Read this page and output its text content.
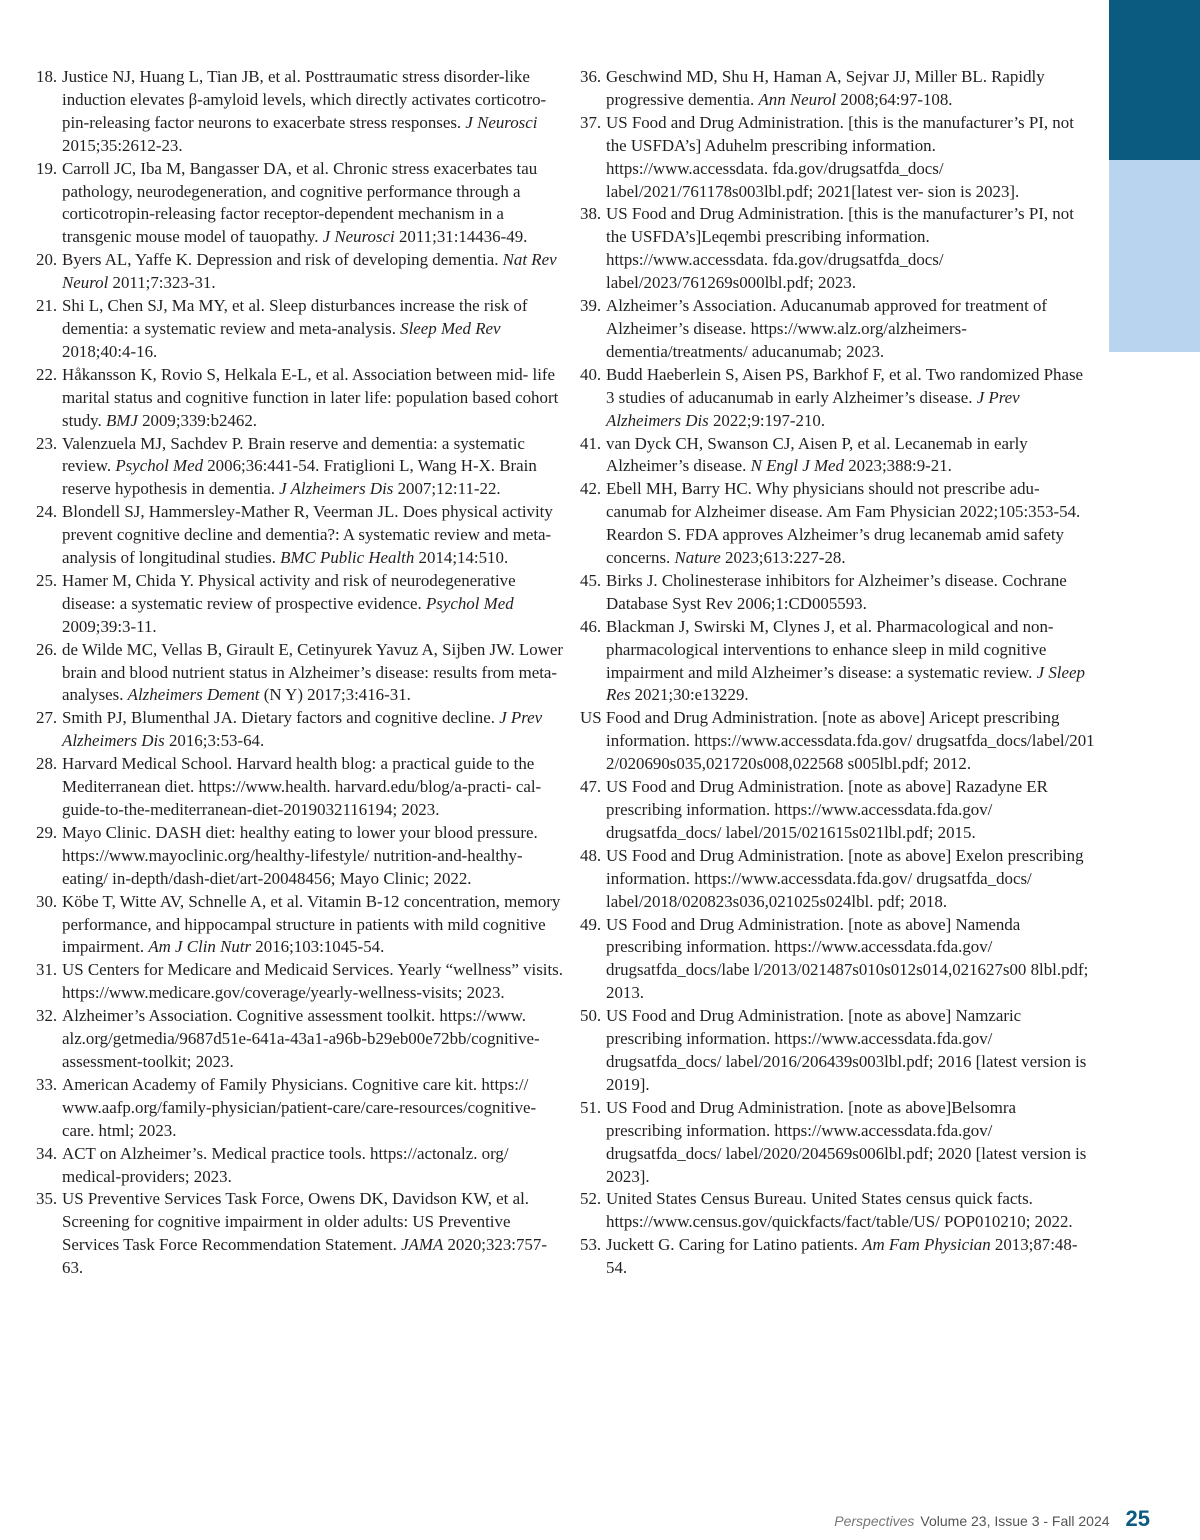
18. Justice NJ, Huang L, Tian JB, et al. Posttraumatic stress disorder-like induction elevates β-amyloid levels, which directly activates corticotro- pin-releasing factor neurons to exacerbate stress responses. J Neurosci 2015;35:2612-23.

19. Carroll JC, Iba M, Bangasser DA, et al. Chronic stress exacerbates tau pathology, neurodegeneration, and cognitive performance through a corticotropin-releasing factor receptor-dependent mechanism in a transgenic mouse model of tauopathy. J Neurosci 2011;31:14436-49.

20. Byers AL, Yaffe K. Depression and risk of developing dementia. Nat Rev Neurol 2011;7:323-31.

21. Shi L, Chen SJ, Ma MY, et al. Sleep disturbances increase the risk of dementia: a systematic review and meta-analysis. Sleep Med Rev 2018;40:4-16.

22. Håkansson K, Rovio S, Helkala E-L, et al. Association between mid- life marital status and cognitive function in later life: population based cohort study. BMJ 2009;339:b2462.

23. Valenzuela MJ, Sachdev P. Brain reserve and dementia: a systematic review. Psychol Med 2006;36:441-54. Fratiglioni L, Wang H-X. Brain reserve hypothesis in dementia. J Alzheimers Dis 2007;12:11-22.

24. Blondell SJ, Hammersley-Mather R, Veerman JL. Does physical activity prevent cognitive decline and dementia?: A systematic review and meta-analysis of longitudinal studies. BMC Public Health 2014;14:510.

25. Hamer M, Chida Y. Physical activity and risk of neurodegenerative disease: a systematic review of prospective evidence. Psychol Med 2009;39:3-11.

26. de Wilde MC, Vellas B, Girault E, Cetinyurek Yavuz A, Sijben JW. Lower brain and blood nutrient status in Alzheimer’s disease: results from meta-analyses. Alzheimers Dement (N Y) 2017;3:416-31.

27. Smith PJ, Blumenthal JA. Dietary factors and cognitive decline. J Prev Alzheimers Dis 2016;3:53-64.

28. Harvard Medical School. Harvard health blog: a practical guide to the Mediterranean diet. https://www.health. harvard.edu/blog/a-practi- cal-guide-to-the-mediterranean-diet-2019032116194; 2023.

29. Mayo Clinic. DASH diet: healthy eating to lower your blood pressure. https://www.mayoclinic.org/healthy-lifestyle/ nutrition-and-healthy-eating/ in-depth/dash-diet/art-20048456; Mayo Clinic; 2022.

30. Köbe T, Witte AV, Schnelle A, et al. Vitamin B-12 concentration, memory performance, and hippocampal structure in patients with mild cognitive impairment. Am J Clin Nutr 2016;103:1045-54.

31. US Centers for Medicare and Medicaid Services. Yearly “wellness” visits. https://www.medicare.gov/coverage/yearly-wellness-visits; 2023.

32. Alzheimer’s Association. Cognitive assessment toolkit. https://www. alz.org/getmedia/9687d51e-641a-43a1-a96b-b29eb00e72bb/cognitive-assessment-toolkit; 2023.

33. American Academy of Family Physicians. Cognitive care kit. https:// www.aafp.org/family-physician/patient-care/care-resources/cognitive-care. html; 2023.

34. ACT on Alzheimer’s. Medical practice tools. https://actonalz. org/ medical-providers; 2023.

35. US Preventive Services Task Force, Owens DK, Davidson KW, et al. Screening for cognitive impairment in older adults: US Preventive Services Task Force Recommendation Statement. JAMA 2020;323:757-63.

36. Geschwind MD, Shu H, Haman A, Sejvar JJ, Miller BL. Rapidly progressive dementia. Ann Neurol 2008;64:97-108.

37. US Food and Drug Administration. [this is the manufacturer’s PI, not the USFDA’s] Aduhelm prescribing information. https://www.accessdata. fda.gov/drugsatfda_docs/ label/2021/761178s003lbl.pdf; 2021[latest ver- sion is 2023].

38. US Food and Drug Administration. [this is the manufacturer’s PI, not the USFDA’s]Leqembi prescribing information. https://www.accessdata. fda.gov/drugsatfda_docs/ label/2023/761269s000lbl.pdf; 2023.

39. Alzheimer’s Association. Aducanumab approved for treatment of Alzheimer’s disease. https://www.alz.org/alzheimers-dementia/treatments/ aducanumab; 2023.

40. Budd Haeberlein S, Aisen PS, Barkhof F, et al. Two randomized Phase 3 studies of aducanumab in early Alzheimer’s disease. J Prev Alzheimers Dis 2022;9:197-210.

41. van Dyck CH, Swanson CJ, Aisen P, et al. Lecanemab in early Alzheimer’s disease. N Engl J Med 2023;388:9-21.

42. Ebell MH, Barry HC. Why physicians should not prescribe adu- canumab for Alzheimer disease. Am Fam Physician 2022;105:353-54. Reardon S. FDA approves Alzheimer’s drug lecanemab amid safety concerns. Nature 2023;613:227-28.

45. Birks J. Cholinesterase inhibitors for Alzheimer’s disease. Cochrane Database Syst Rev 2006;1:CD005593.

46. Blackman J, Swirski M, Clynes J, et al. Pharmacological and non-pharmacological interventions to enhance sleep in mild cognitive impairment and mild Alzheimer’s disease: a systematic review. J Sleep Res 2021;30:e13229.

US Food and Drug Administration. [note as above] Aricept prescribing information. https://www.accessdata.fda.gov/ drugsatfda_docs/label/201 2/020690s035,021720s008,022568 s005lbl.pdf; 2012.

47. US Food and Drug Administration. [note as above] Razadyne ER prescribing information. https://www.accessdata.fda.gov/ drugsatfda_docs/ label/2015/021615s021lbl.pdf; 2015.

48. US Food and Drug Administration. [note as above] Exelon prescribing information. https://www.accessdata.fda.gov/ drugsatfda_docs/ label/2018/020823s036,021025s024lbl. pdf; 2018.

49. US Food and Drug Administration. [note as above] Namenda prescribing information. https://www.accessdata.fda.gov/ drugsatfda_docs/labe l/2013/021487s010s012s014,021627s00 8lbl.pdf; 2013.

50. US Food and Drug Administration. [note as above] Namzaric prescribing information. https://www.accessdata.fda.gov/ drugsatfda_docs/ label/2016/206439s003lbl.pdf; 2016 [latest version is 2019].

51. US Food and Drug Administration. [note as above]Belsomra prescribing information. https://www.accessdata.fda.gov/ drugsatfda_docs/ label/2020/204569s006lbl.pdf; 2020 [latest version is 2023].

52. United States Census Bureau. United States census quick facts. https://www.census.gov/quickfacts/fact/table/US/ POP010210; 2022.

53. Juckett G. Caring for Latino patients. Am Fam Physician 2013;87:48-54.

Perspectives Volume 23, Issue 3 - Fall 2024 25
